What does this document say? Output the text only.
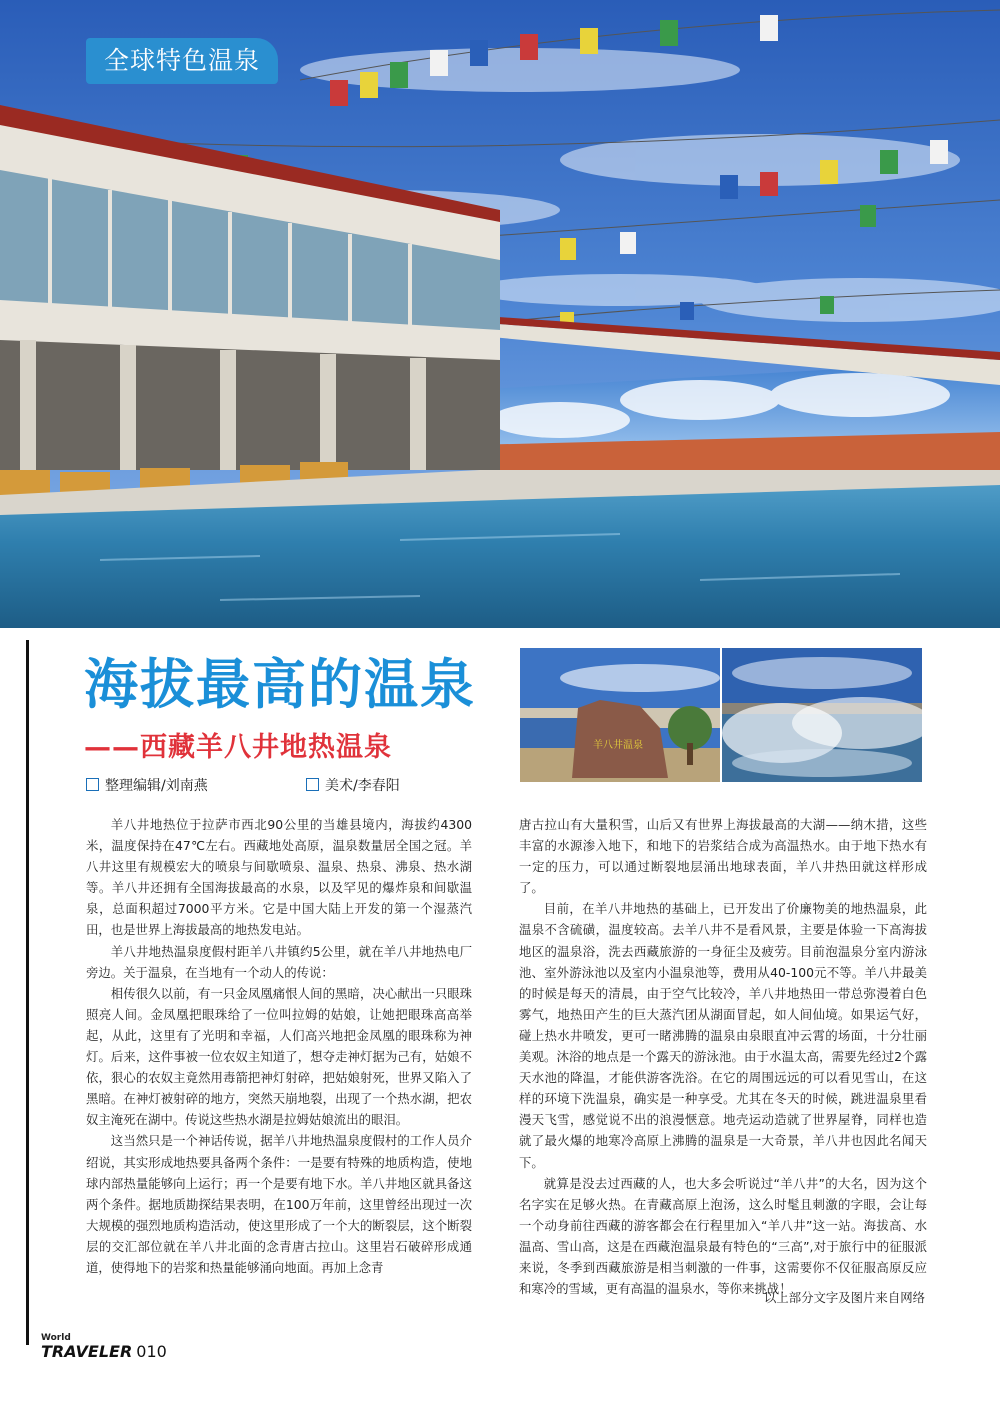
全球特色温泉
海拔最高的温泉
——西藏羊八井地热温泉
整理编辑/刘南燕	美术/李春阳
羊八井温泉

羊八井地热位于拉萨市西北90公里的当雄县境内，海拔约4300米，温度保持在47℃左右。西藏地处高原，温泉数量居全国之冠。羊八井这里有规模宏大的喷泉与间歇喷泉、温泉、热泉、沸泉、热水湖等。羊八井还拥有全国海拔最高的水泉，以及罕见的爆炸泉和间歇温泉，总面积超过7000平方米。它是中国大陆上开发的第一个湿蒸汽田，也是世界上海拔最高的地热发电站。

羊八井地热温泉度假村距羊八井镇约5公里，就在羊八井地热电厂旁边。关于温泉，在当地有一个动人的传说：

相传很久以前，有一只金凤凰痛恨人间的黑暗，决心献出一只眼珠照亮人间。金凤凰把眼珠给了一位叫拉姆的姑娘，让她把眼珠高高举起，从此，这里有了光明和幸福，人们高兴地把金凤凰的眼珠称为神灯。后来，这件事被一位农奴主知道了，想夺走神灯据为己有，姑娘不依，狠心的农奴主竟然用毒箭把神灯射碎，把姑娘射死，世界又陷入了黑暗。在神灯被射碎的地方，突然天崩地裂，出现了一个热水湖，把农奴主淹死在湖中。传说这些热水湖是拉姆姑娘流出的眼泪。

这当然只是一个神话传说，据羊八井地热温泉度假村的工作人员介绍说，其实形成地热要具备两个条件：一是要有特殊的地质构造，使地球内部热量能够向上运行；再一个是要有地下水。羊八井地区就具备这两个条件。据地质勘探结果表明，在100万年前，这里曾经出现过一次大规模的强烈地质构造活动，使这里形成了一个大的断裂层，这个断裂层的交汇部位就在羊八井北面的念青唐古拉山。这里岩石破碎形成通道，使得地下的岩浆和热量能够涌向地面。再加上念青

唐古拉山有大量积雪，山后又有世界上海拔最高的大湖——纳木措，这些丰富的水源渗入地下，和地下的岩浆结合成为高温热水。由于地下热水有一定的压力，可以通过断裂地层涌出地球表面，羊八井热田就这样形成了。

目前，在羊八井地热的基础上，已开发出了价廉物美的地热温泉，此温泉不含硫磺，温度较高。去羊八井不是看风景，主要是体验一下高海拔地区的温泉浴，洗去西藏旅游的一身征尘及疲劳。目前泡温泉分室内游泳池、室外游泳池以及室内小温泉池等，费用从40-100元不等。羊八井最美的时候是每天的清晨，由于空气比较冷，羊八井地热田一带总弥漫着白色雾气，地热田产生的巨大蒸汽团从湖面冒起，如人间仙境。如果运气好，碰上热水井喷发，更可一睹沸腾的温泉由泉眼直冲云霄的场面，十分壮丽美观。沐浴的地点是一个露天的游泳池。由于水温太高，需要先经过2个露天水池的降温，才能供游客洗浴。在它的周围远远的可以看见雪山，在这样的环境下洗温泉，确实是一种享受。尤其在冬天的时候，跳进温泉里看漫天飞雪，感觉说不出的浪漫惬意。地壳运动造就了世界屋脊，同样也造就了最火爆的地寒冷高原上沸腾的温泉是一大奇景，羊八井也因此名闻天下。

就算是没去过西藏的人，也大多会听说过“羊八井”的大名，因为这个名字实在足够火热。在青藏高原上泡汤，这么时髦且刺激的字眼，会让每一个动身前往西藏的游客都会在行程里加入“羊八井”这一站。海拔高、水温高、雪山高，这是在西藏泡温泉最有特色的“三高”,对于旅行中的征服派来说，冬季到西藏旅游是相当刺激的一件事，这需要你不仅征服高原反应和寒冷的雪域，更有高温的温泉水，等你来挑战！

以上部分文字及图片来自网络
World
TRAVELER 010
